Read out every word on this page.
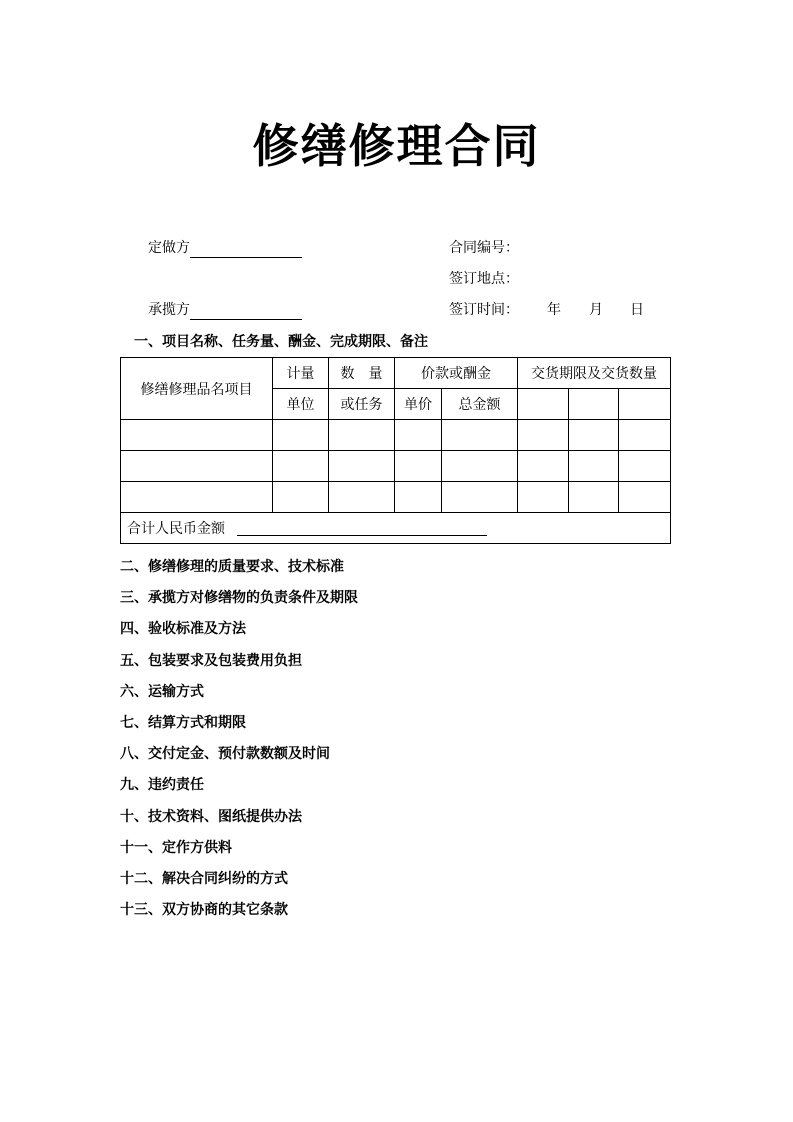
修缮修理合同
定做方
承揽方
合同编号：
签订地点：
签订时间： 年 月 日
一、项目名称、任务量、酬金、完成期限、备注
修缮修理品名项目	计量	数　量	价款或酬金		交货期限及交货数量		
	单位	或任务	单价	总金额			

合计人民币金额							
二、修缮修理的质量要求、技术标准
三、承揽方对修缮物的负责条件及期限
四、验收标准及方法
五、包装要求及包装费用负担
六、运输方式
七、结算方式和期限
八、交付定金、预付款数额及时间
九、违约责任
十、技术资料、图纸提供办法
十一、定作方供料
十二、解决合同纠纷的方式
十三、双方协商的其它条款
